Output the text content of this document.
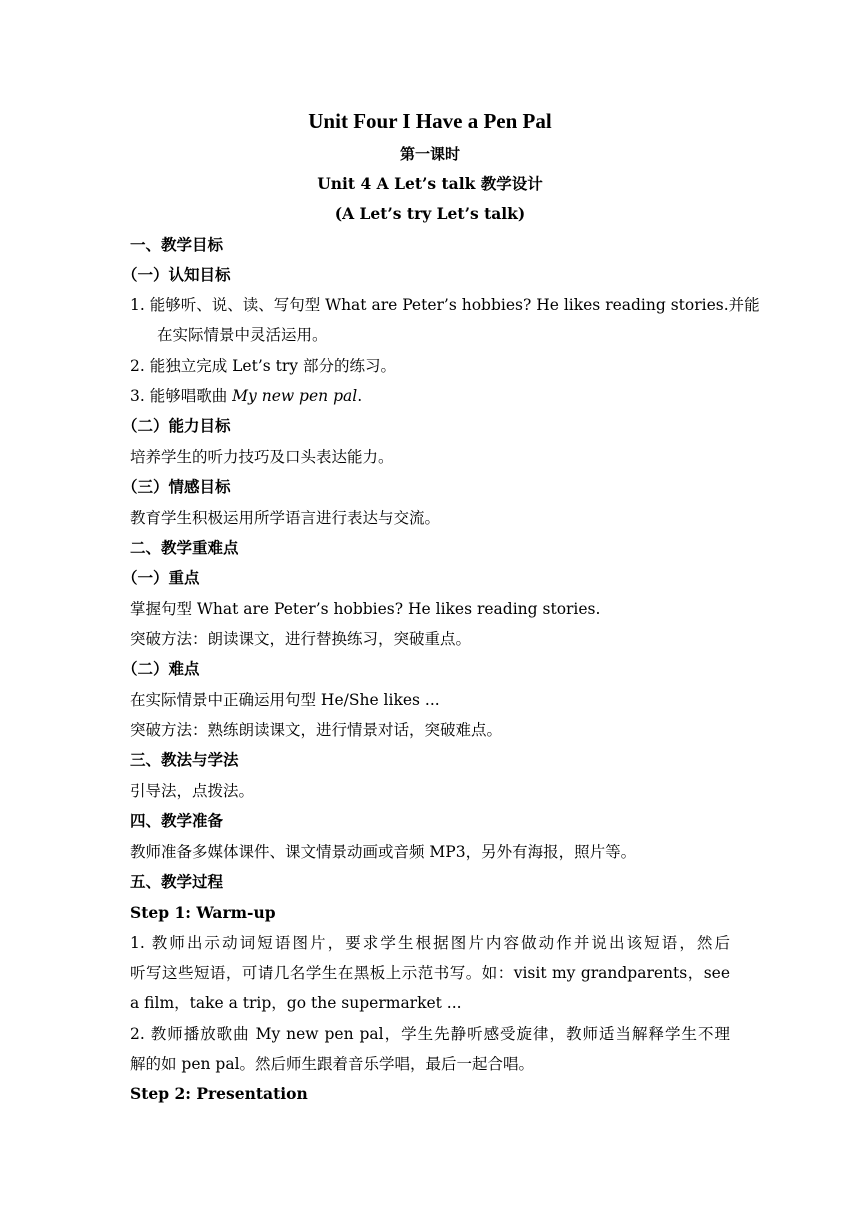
Unit Four I Have a Pen Pal
第一课时
Unit 4 A Let’s talk 教学设计
(A Let’s try Let’s talk)
一、教学目标
（一）认知目标
1. 能够听、说、读、写句型 What are Peter’s hobbies? He likes reading stories.并能
在实际情景中灵活运用。
2. 能独立完成 Let’s try 部分的练习。
3. 能够唱歌曲 My new pen pal.
（二）能力目标
培养学生的听力技巧及口头表达能力。
（三）情感目标
教育学生积极运用所学语言进行表达与交流。
二、教学重难点
（一）重点
掌握句型 What are Peter’s hobbies? He likes reading stories.
突破方法：朗读课文，进行替换练习，突破重点。
（二）难点
在实际情景中正确运用句型 He/She likes ...
突破方法：熟练朗读课文，进行情景对话，突破难点。
三、教法与学法
引导法，点拨法。
四、教学准备
教师准备多媒体课件、课文情景动画或音频 MP3，另外有海报，照片等。
五、教学过程
Step 1: Warm-up
1. 教师出示动词短语图片，要求学生根据图片内容做动作并说出该短语，然后
听写这些短语，可请几名学生在黑板上示范书写。如：visit my grandparents，see
a film，take a trip，go the supermarket ...
2. 教师播放歌曲 My new pen pal，学生先静听感受旋律，教师适当解释学生不理
解的如 pen pal。然后师生跟着音乐学唱，最后一起合唱。
Step 2: Presentation
